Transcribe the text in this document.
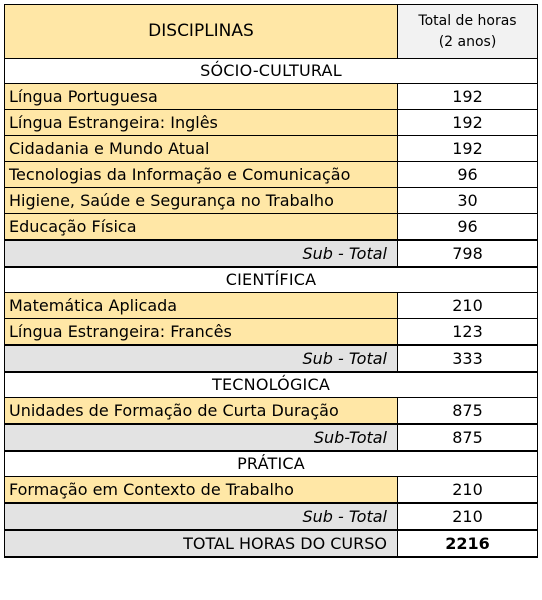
DISCIPLINAS	Total de horas
(2 anos)
SÓCIO-CULTURAL	
Língua Portuguesa	192
Língua Estrangeira: Inglês	192
Cidadania e Mundo Atual	192
Tecnologias da Informação e Comunicação	96
Higiene, Saúde e Segurança no Trabalho	30
Educação Física	96
Sub - Total	798
CIENTÍFICA	
Matemática Aplicada	210
Língua Estrangeira: Francês	123
Sub - Total	333
TECNOLÓGICA	
Unidades de Formação de Curta Duração	875
Sub-Total	875
PRÁTICA	
Formação em Contexto de Trabalho	210
Sub - Total	210
TOTAL HORAS DO CURSO	2216
